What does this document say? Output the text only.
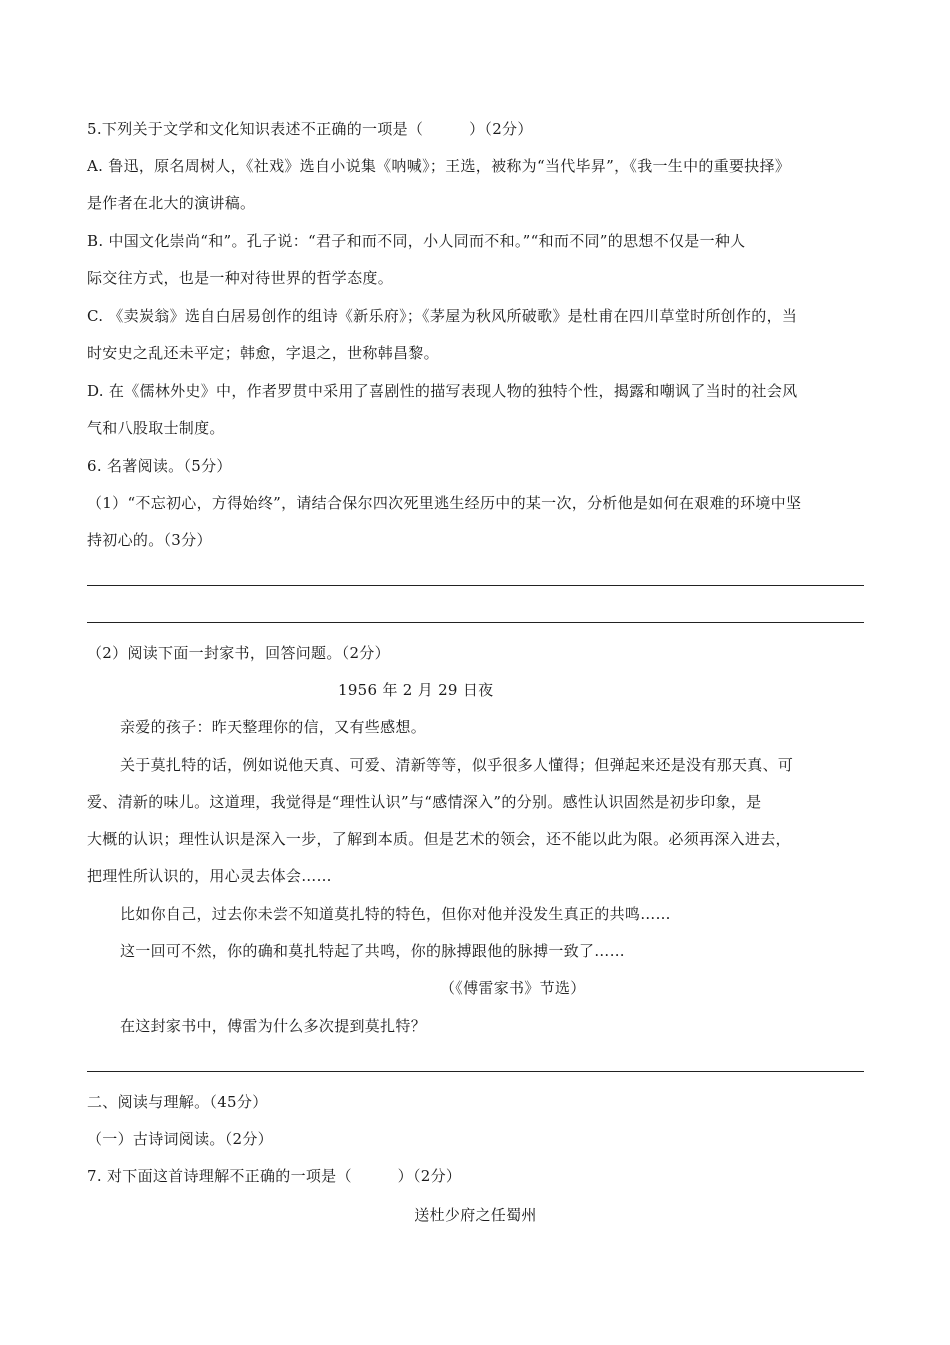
5.下列关于文学和文化知识表述不正确的一项是（　　　）（2分）
A. 鲁迅，原名周树人，《社戏》选自小说集《呐喊》；王选，被称为“当代毕昇”，《我一生中的重要抉择》
是作者在北大的演讲稿。
B. 中国文化崇尚“和”。孔子说：“君子和而不同，小人同而不和。”“和而不同”的思想不仅是一种人
际交往方式，也是一种对待世界的哲学态度。
C. 《卖炭翁》选自白居易创作的组诗《新乐府》；《茅屋为秋风所破歌》是杜甫在四川草堂时所创作的，当
时安史之乱还未平定；韩愈，字退之，世称韩昌黎。
D. 在《儒林外史》中，作者罗贯中采用了喜剧性的描写表现人物的独特个性，揭露和嘲讽了当时的社会风
气和八股取士制度。
6. 名著阅读。（5分）
（1）“不忘初心，方得始终”，请结合保尔四次死里逃生经历中的某一次，分析他是如何在艰难的环境中坚
持初心的。（3分）
（2）阅读下面一封家书，回答问题。（2分）
1956 年 2 月 29 日夜
亲爱的孩子：昨天整理你的信，又有些感想。
关于莫扎特的话，例如说他天真、可爱、清新等等，似乎很多人懂得；但弹起来还是没有那天真、可
爱、清新的味儿。这道理，我觉得是“理性认识”与“感情深入”的分别。感性认识固然是初步印象，是
大概的认识；理性认识是深入一步，了解到本质。但是艺术的领会，还不能以此为限。必须再深入进去，
把理性所认识的，用心灵去体会……
比如你自己，过去你未尝不知道莫扎特的特色，但你对他并没发生真正的共鸣……
这一回可不然，你的确和莫扎特起了共鸣，你的脉搏跟他的脉搏一致了……
（《傅雷家书》节选）
在这封家书中，傅雷为什么多次提到莫扎特？
二、阅读与理解。（45分）
（一）古诗词阅读。（2分）
7. 对下面这首诗理解不正确的一项是（　　　）（2分）
送杜少府之任蜀州
